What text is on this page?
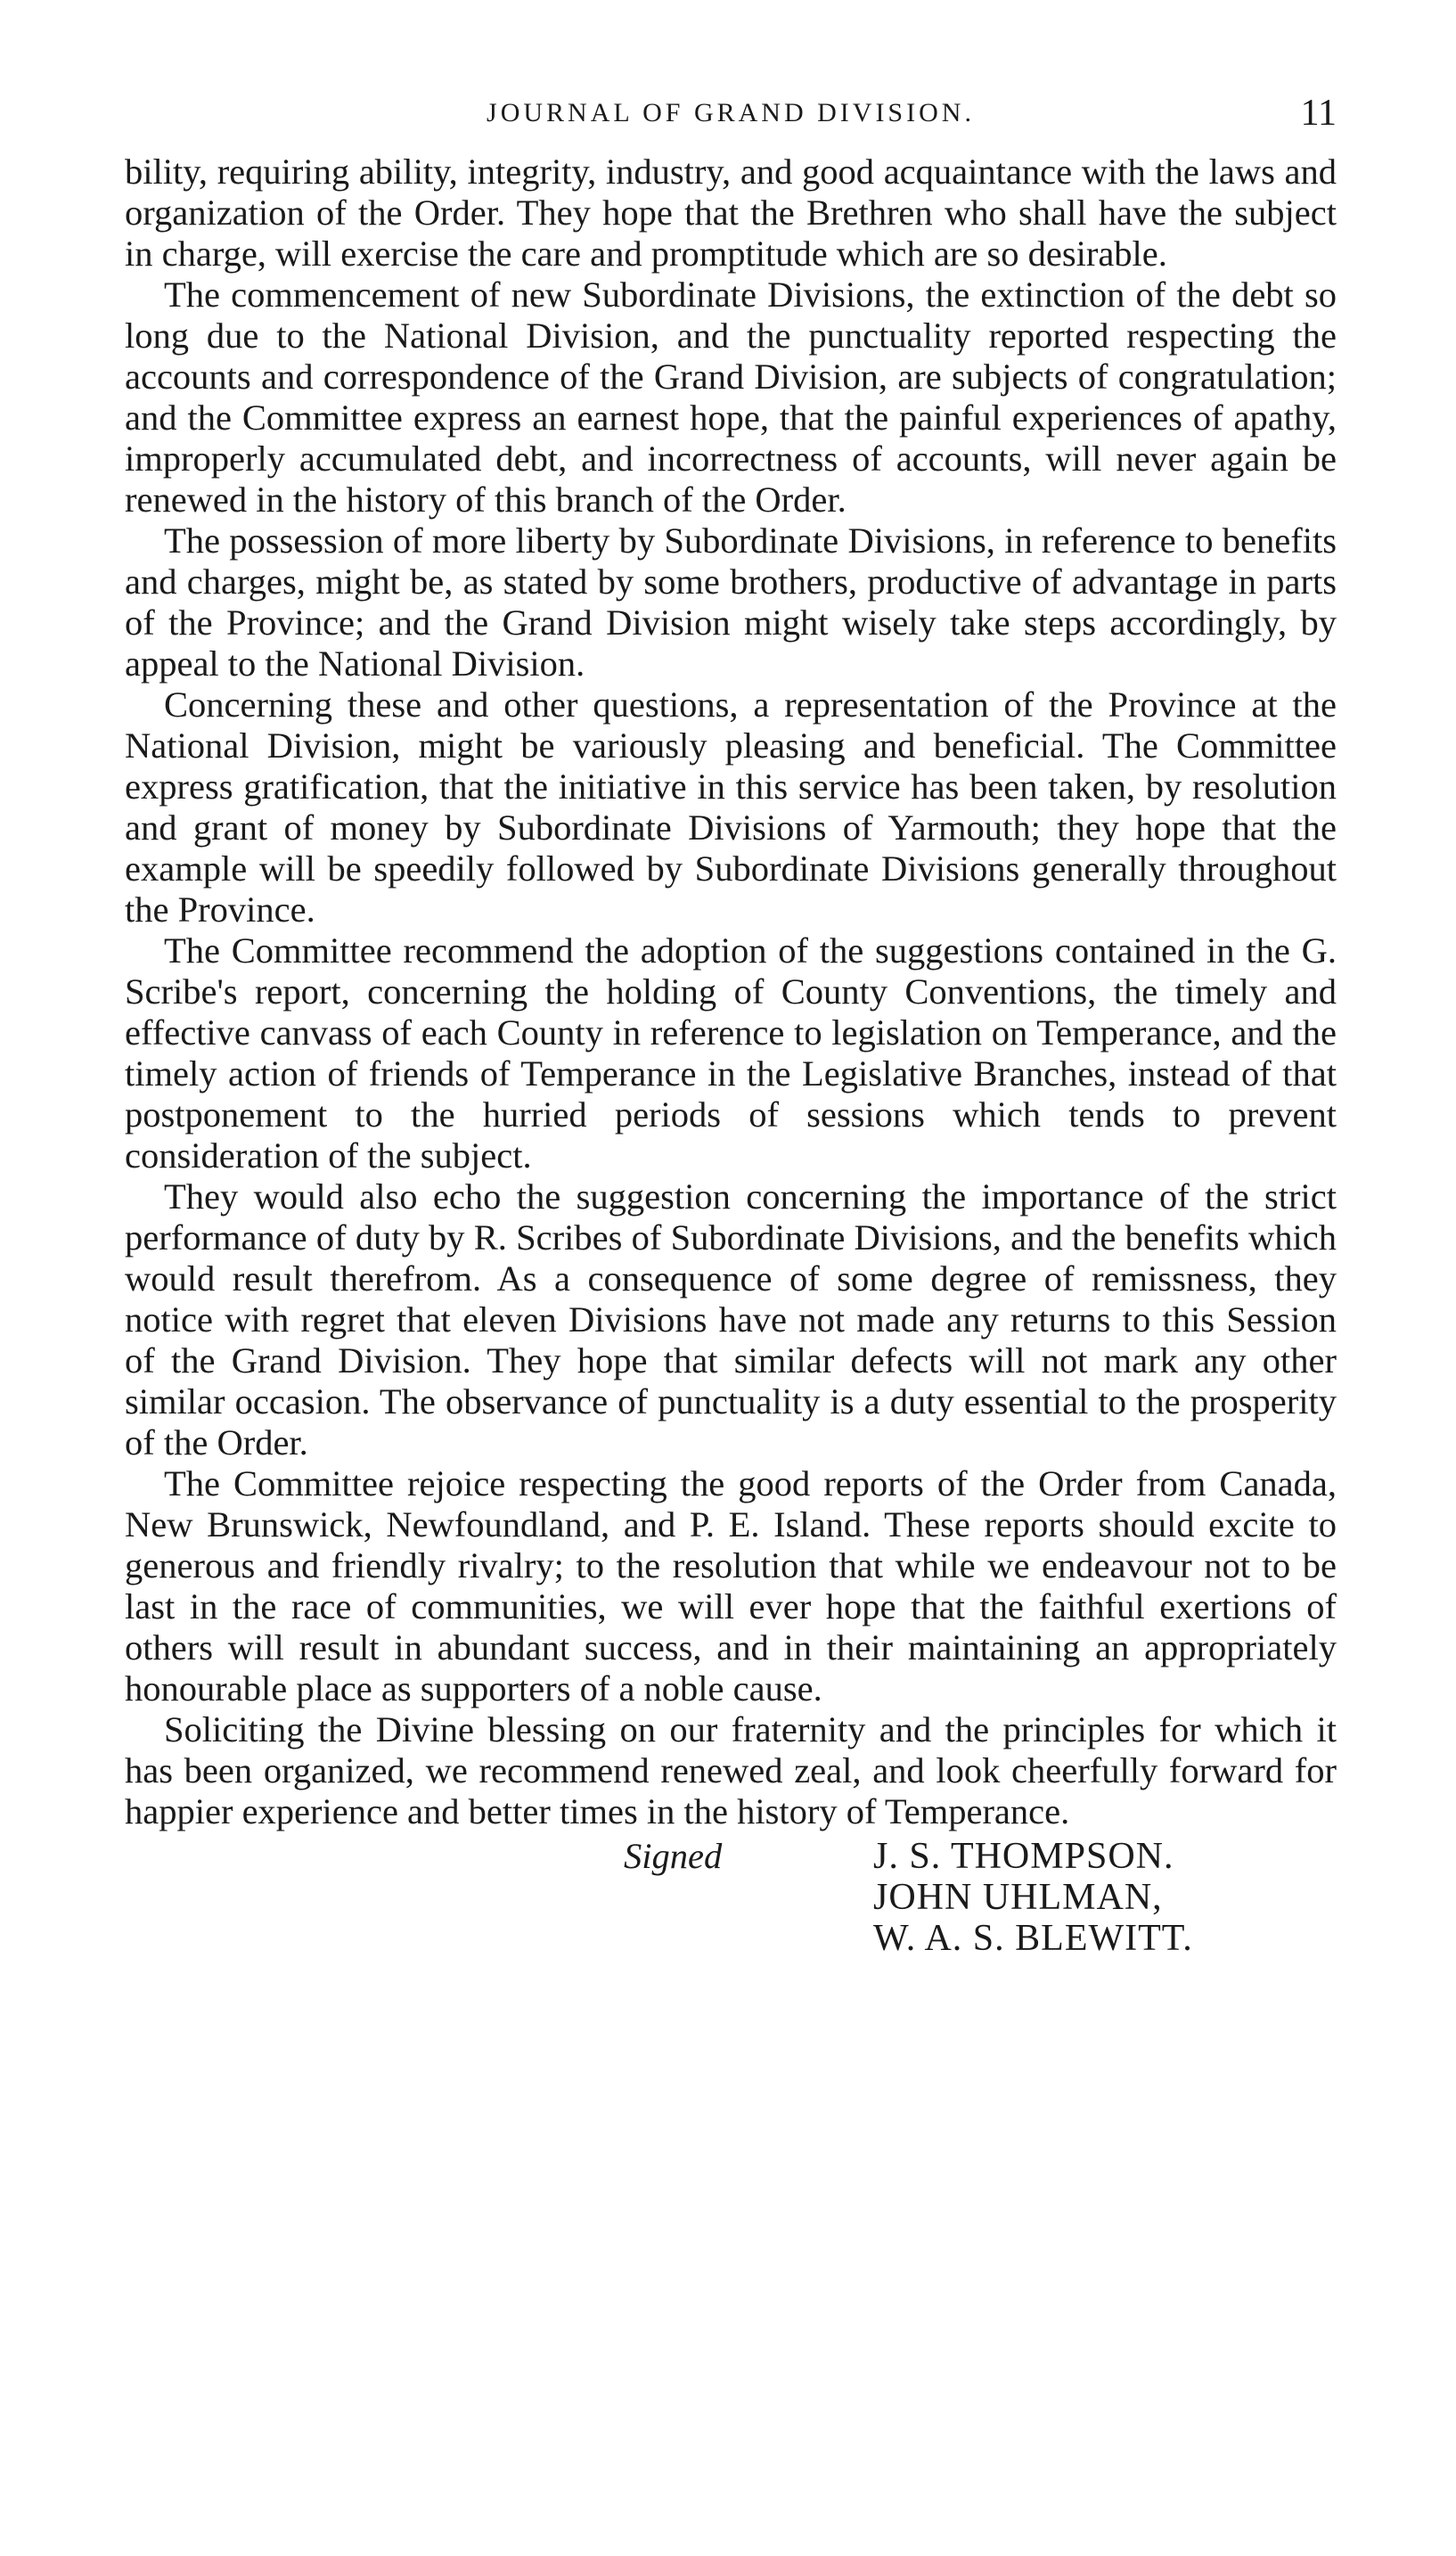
JOURNAL OF GRAND DIVISION.	11

bility, requiring ability, integrity, industry, and good acquaintance with the laws and organization of the Order. They hope that the Brethren who shall have the subject in charge, will exercise the care and promptitude which are so desirable.

The commencement of new Subordinate Divisions, the extinction of the debt so long due to the National Division, and the punctuality reported respecting the accounts and correspondence of the Grand Division, are subjects of congratulation; and the Committee express an earnest hope, that the painful experiences of apathy, improperly accumulated debt, and incorrectness of accounts, will never again be renewed in the history of this branch of the Order.

The possession of more liberty by Subordinate Divisions, in reference to benefits and charges, might be, as stated by some brothers, productive of advantage in parts of the Province; and the Grand Division might wisely take steps accordingly, by appeal to the National Division.

Concerning these and other questions, a representation of the Province at the National Division, might be variously pleasing and beneficial. The Committee express gratification, that the initiative in this service has been taken, by resolution and grant of money by Subordinate Divisions of Yarmouth; they hope that the example will be speedily followed by Subordinate Divisions generally throughout the Province.

The Committee recommend the adoption of the suggestions contained in the G. Scribe's report, concerning the holding of County Conventions, the timely and effective canvass of each County in reference to legislation on Temperance, and the timely action of friends of Temperance in the Legislative Branches, instead of that postponement to the hurried periods of sessions which tends to prevent consideration of the subject.

They would also echo the suggestion concerning the importance of the strict performance of duty by R. Scribes of Subordinate Divisions, and the benefits which would result therefrom. As a consequence of some degree of remissness, they notice with regret that eleven Divisions have not made any returns to this Session of the Grand Division. They hope that similar defects will not mark any other similar occasion. The observance of punctuality is a duty essential to the prosperity of the Order.

The Committee rejoice respecting the good reports of the Order from Canada, New Brunswick, Newfoundland, and P. E. Island. These reports should excite to generous and friendly rivalry; to the resolution that while we endeavour not to be last in the race of communities, we will ever hope that the faithful exertions of others will result in abundant success, and in their maintaining an appropriately honourable place as supporters of a noble cause.

Soliciting the Divine blessing on our fraternity and the principles for which it has been organized, we recommend renewed zeal, and look cheerfully forward for happier experience and better times in the history of Temperance.

Signed	J. S. THOMPSON.
JOHN UHLMAN,
W. A. S. BLEWITT.
